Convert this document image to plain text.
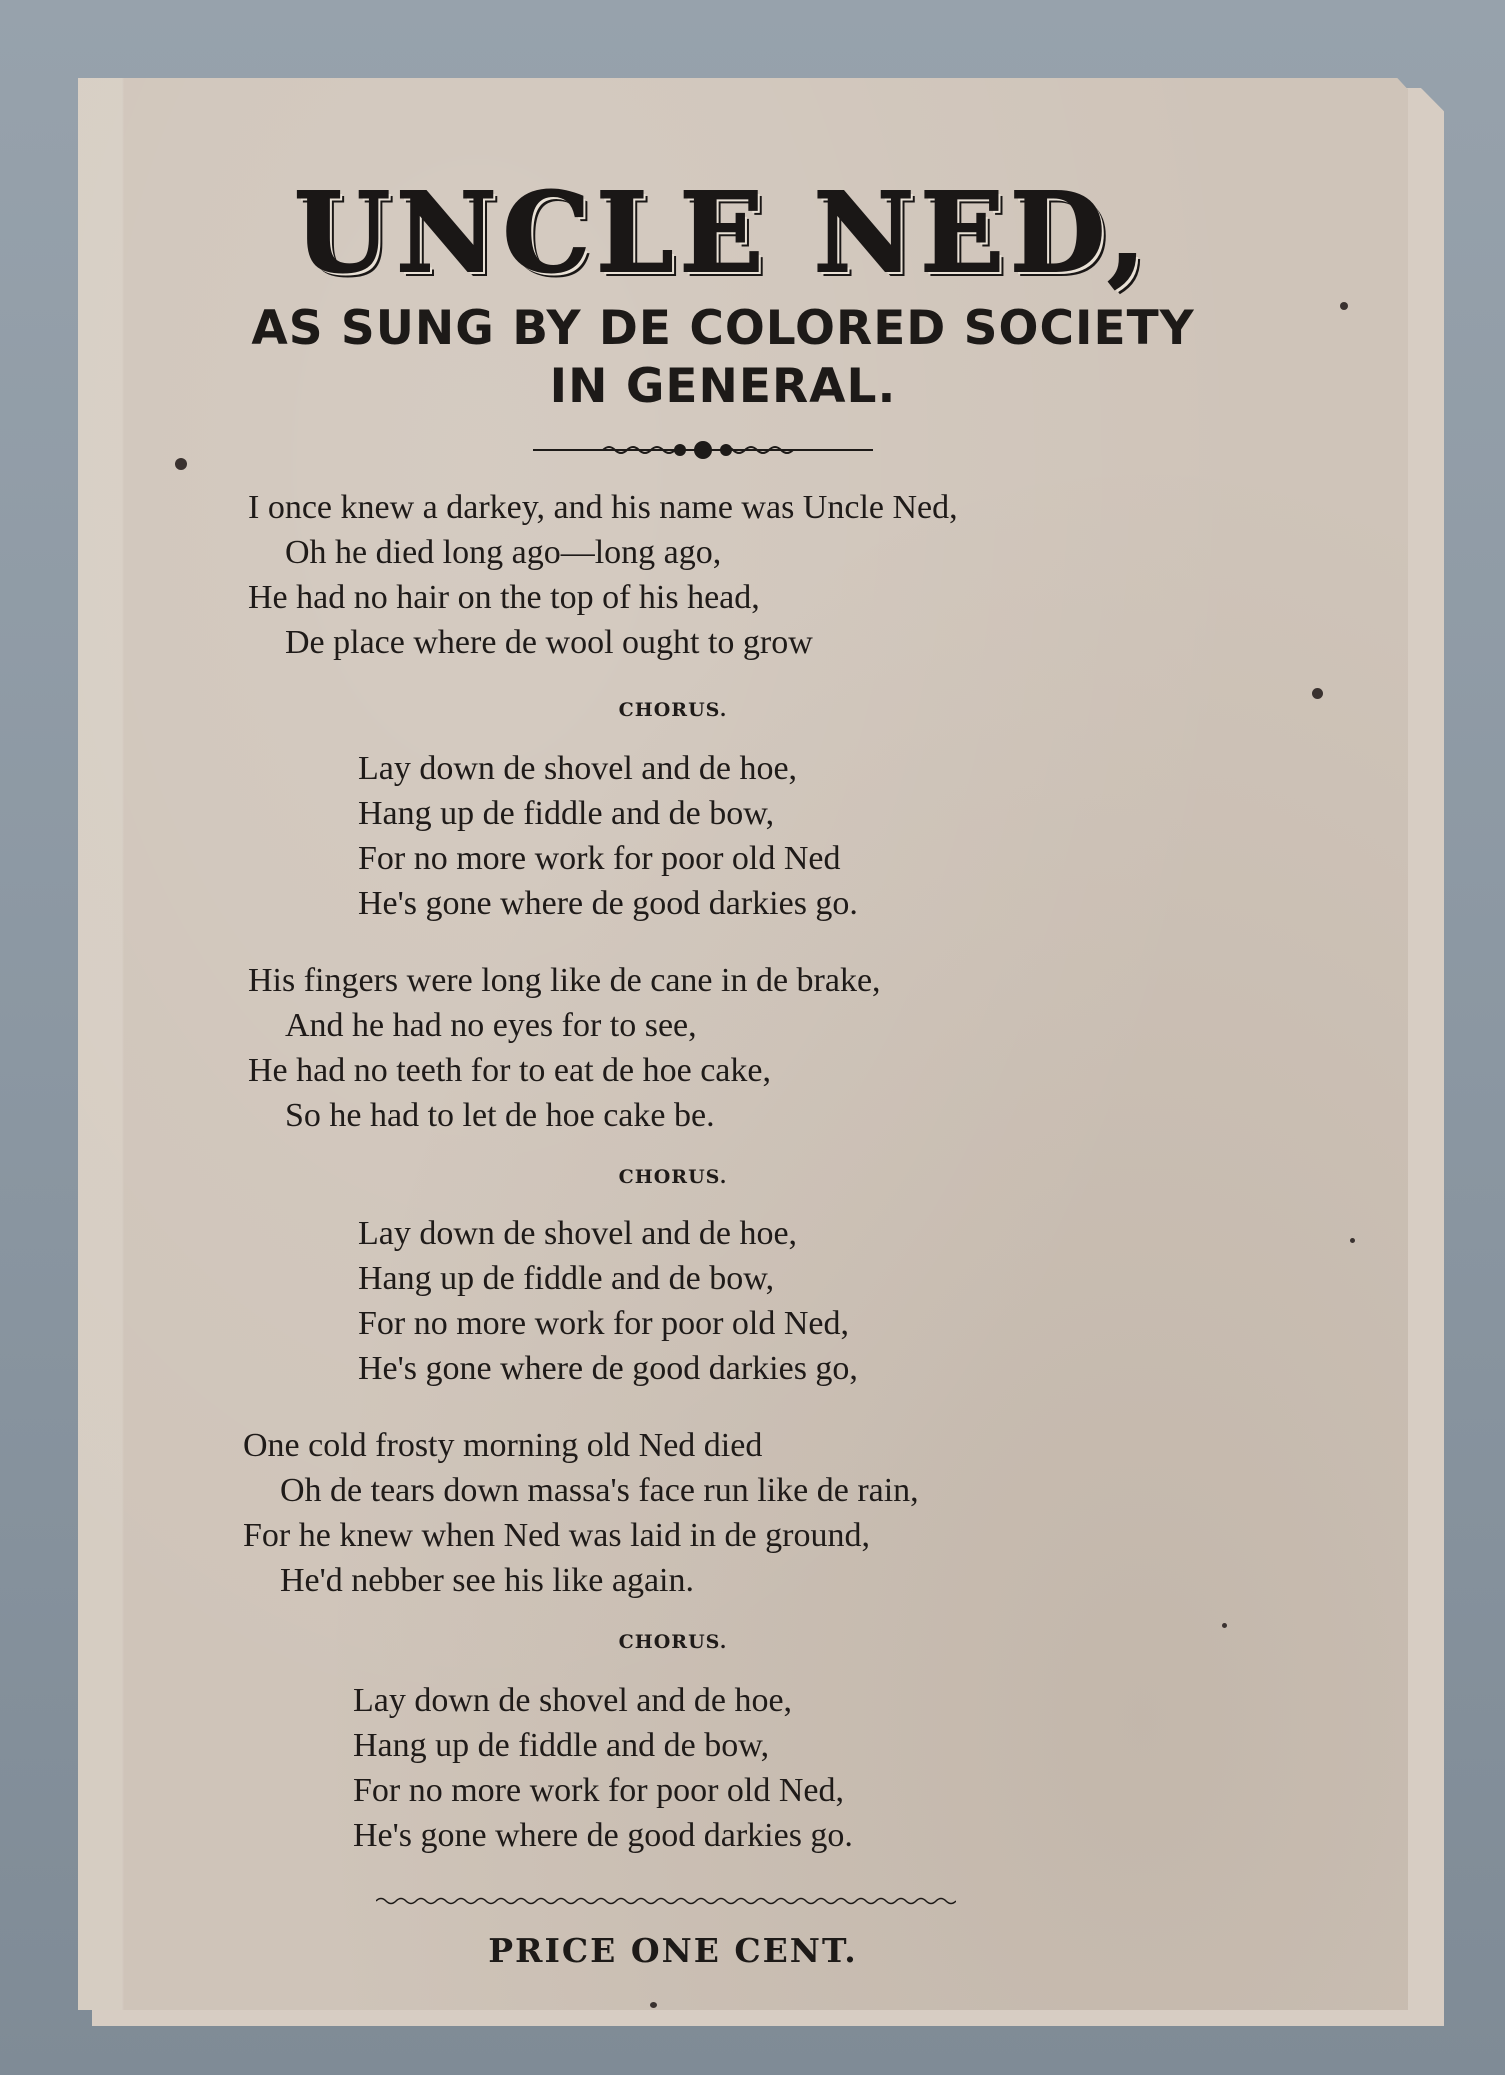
UNCLE NED,
AS SUNG BY DE COLORED SOCIETY
IN GENERAL.
I once knew a darkey, and his name was Uncle Ned,
Oh he died long ago—long ago,
He had no hair on the top of his head,
De place where de wool ought to grow

CHORUS.

Lay down de shovel and de hoe,
Hang up de fiddle and de bow,
For no more work for poor old Ned
He's gone where de good darkies go.
His fingers were long like de cane in de brake,
And he had no eyes for to see,
He had no teeth for to eat de hoe cake,
So he had to let de hoe cake be.

CHORUS.

Lay down de shovel and de hoe,
Hang up de fiddle and de bow,
For no more work for poor old Ned,
He's gone where de good darkies go,
One cold frosty morning old Ned died
Oh de tears down massa's face run like de rain,
For he knew when Ned was laid in de ground,
He'd nebber see his like again.

CHORUS.

Lay down de shovel and de hoe,
Hang up de fiddle and de bow,
For no more work for poor old Ned,
He's gone where de good darkies go.

PRICE ONE CENT.
